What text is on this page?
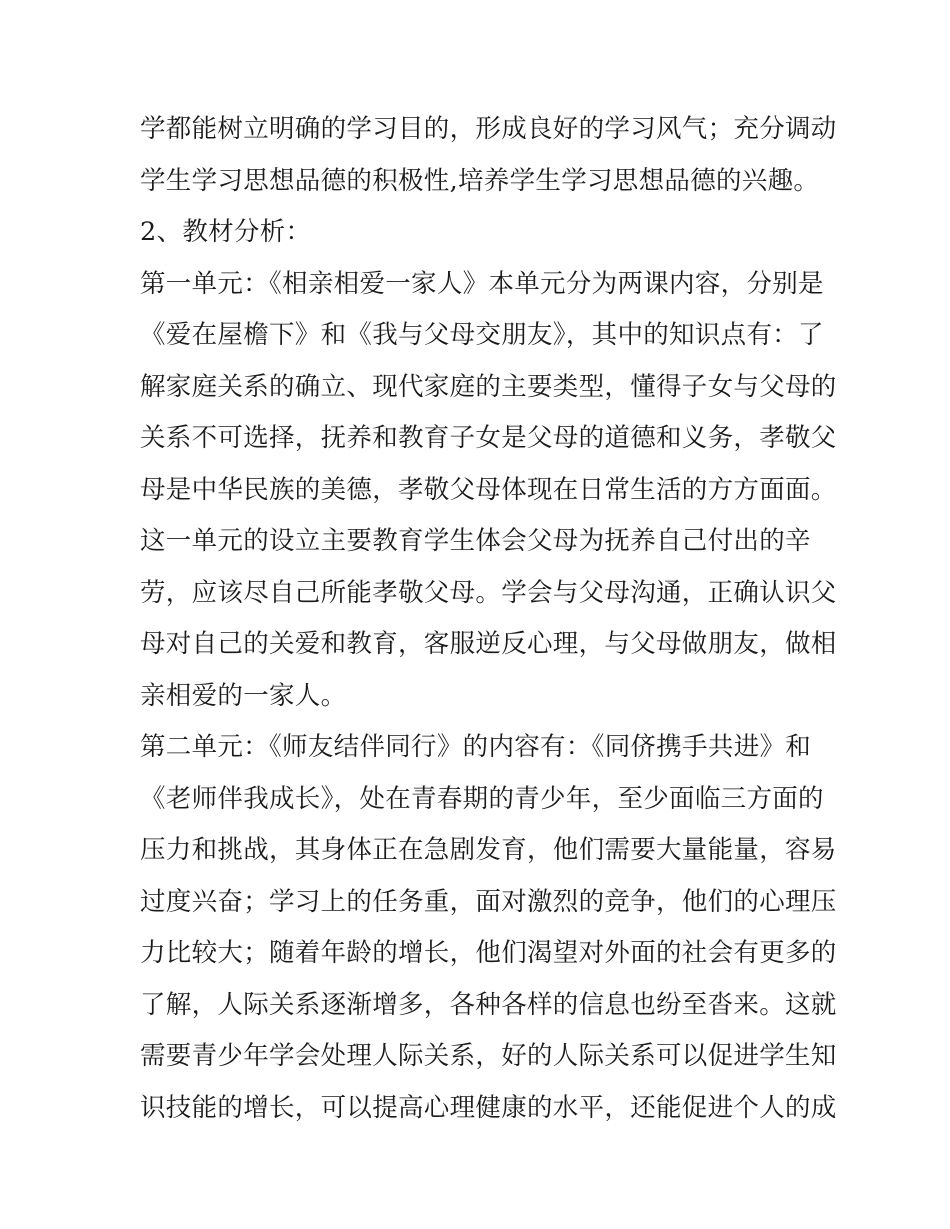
学都能树立明确的学习目的，形成良好的学习风气；充分调动
学生学习思想品德的积极性,培养学生学习思想品德的兴趣。
2、教材分析：
第一单元：《相亲相爱一家人》本单元分为两课内容，分别是
《爱在屋檐下》和《我与父母交朋友》，其中的知识点有：了
解家庭关系的确立、现代家庭的主要类型，懂得子女与父母的
关系不可选择，抚养和教育子女是父母的道德和义务，孝敬父
母是中华民族的美德，孝敬父母体现在日常生活的方方面面。
这一单元的设立主要教育学生体会父母为抚养自己付出的辛
劳，应该尽自己所能孝敬父母。学会与父母沟通，正确认识父
母对自己的关爱和教育，客服逆反心理，与父母做朋友，做相
亲相爱的一家人。
第二单元：《师友结伴同行》的内容有：《同侪携手共进》和
《老师伴我成长》，处在青春期的青少年，至少面临三方面的
压力和挑战，其身体正在急剧发育，他们需要大量能量，容易
过度兴奋；学习上的任务重，面对激烈的竞争，他们的心理压
力比较大；随着年龄的增长，他们渴望对外面的社会有更多的
了解，人际关系逐渐增多，各种各样的信息也纷至沓来。这就
需要青少年学会处理人际关系，好的人际关系可以促进学生知
识技能的增长，可以提高心理健康的水平，还能促进个人的成
